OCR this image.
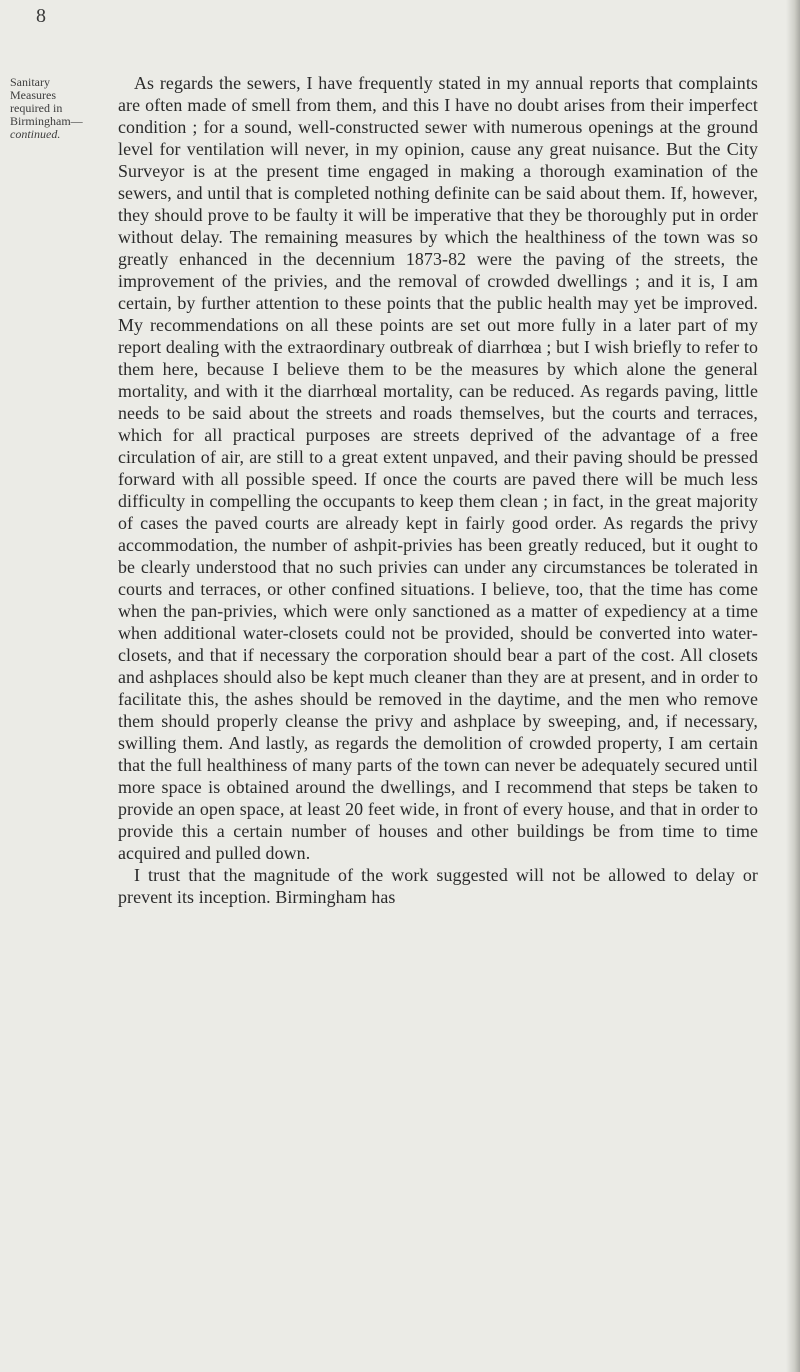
8
Sanitary
Measures
required in
Birmingham—
continued.

As regards the sewers, I have frequently stated in my annual reports that complaints are often made of smell from them, and this I have no doubt arises from their imperfect condition ; for a sound, well-constructed sewer with numerous openings at the ground level for ventilation will never, in my opinion, cause any great nuisance. But the City Surveyor is at the present time engaged in making a thorough examination of the sewers, and until that is completed nothing definite can be said about them. If, however, they should prove to be faulty it will be imperative that they be thoroughly put in order without delay. The remaining measures by which the healthiness of the town was so greatly enhanced in the decennium 1873-82 were the paving of the streets, the improvement of the privies, and the removal of crowded dwellings ; and it is, I am certain, by further attention to these points that the public health may yet be improved. My recommendations on all these points are set out more fully in a later part of my report dealing with the extraordinary outbreak of diarrhœa ; but I wish briefly to refer to them here, because I believe them to be the measures by which alone the general mortality, and with it the diarrhœal mortality, can be reduced. As regards paving, little needs to be said about the streets and roads themselves, but the courts and terraces, which for all practical purposes are streets deprived of the advantage of a free circulation of air, are still to a great extent unpaved, and their paving should be pressed forward with all possible speed. If once the courts are paved there will be much less difficulty in compelling the occupants to keep them clean ; in fact, in the great majority of cases the paved courts are already kept in fairly good order. As regards the privy accommodation, the number of ashpit-privies has been greatly reduced, but it ought to be clearly understood that no such privies can under any circumstances be tolerated in courts and terraces, or other confined situations. I believe, too, that the time has come when the pan-privies, which were only sanctioned as a matter of expediency at a time when additional water-closets could not be provided, should be converted into water-closets, and that if necessary the corporation should bear a part of the cost. All closets and ashplaces should also be kept much cleaner than they are at present, and in order to facilitate this, the ashes should be removed in the daytime, and the men who remove them should properly cleanse the privy and ashplace by sweeping, and, if necessary, swilling them. And lastly, as regards the demolition of crowded property, I am certain that the full healthiness of many parts of the town can never be adequately secured until more space is obtained around the dwellings, and I recommend that steps be taken to provide an open space, at least 20 feet wide, in front of every house, and that in order to provide this a certain number of houses and other buildings be from time to time acquired and pulled down.

I trust that the magnitude of the work suggested will not be allowed to delay or prevent its inception. Birmingham has
